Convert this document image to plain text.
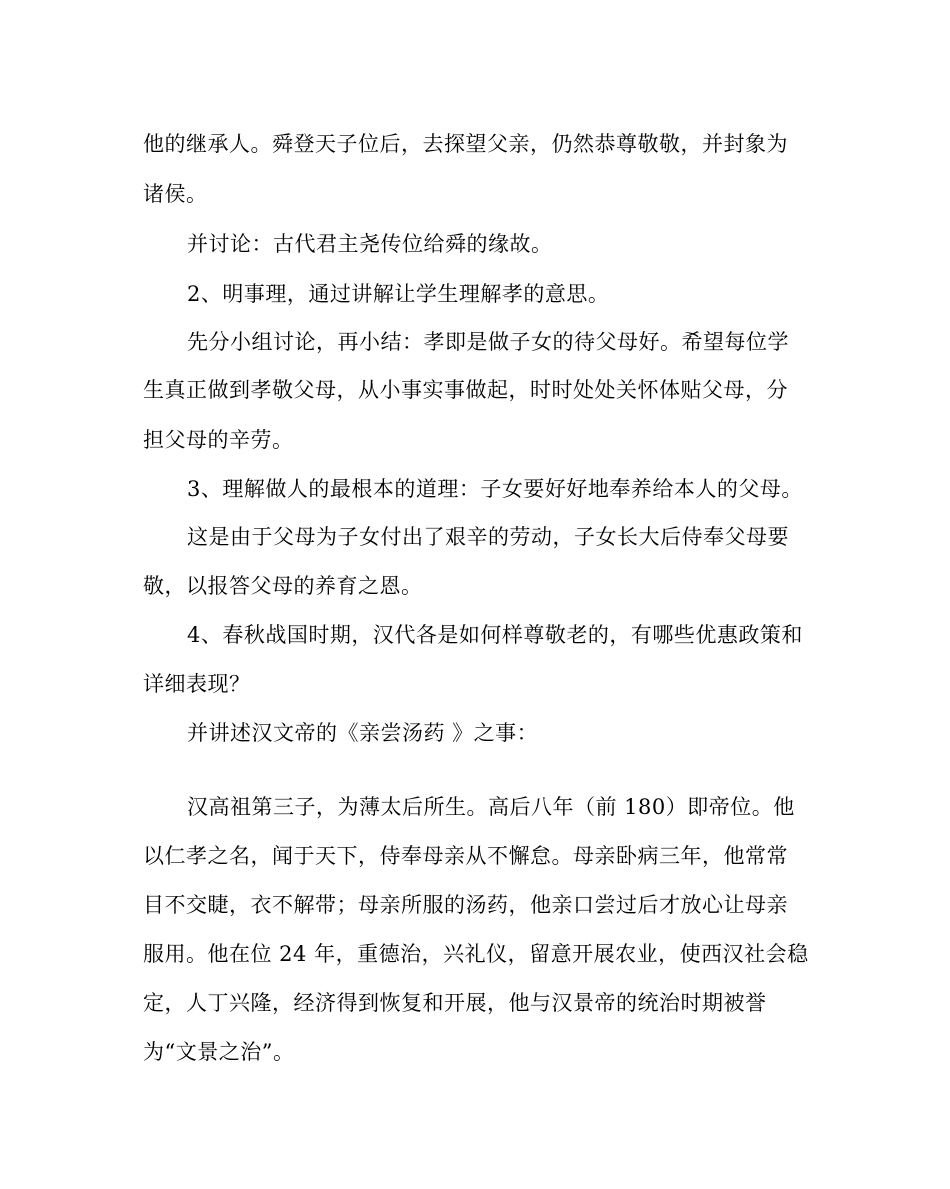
他的继承人。舜登天子位后，去探望父亲，仍然恭尊敬敬，并封象为

诸侯。

并讨论：古代君主尧传位给舜的缘故。

2、明事理，通过讲解让学生理解孝的意思。

先分小组讨论，再小结：孝即是做子女的待父母好。希望每位学

生真正做到孝敬父母，从小事实事做起，时时处处关怀体贴父母，分

担父母的辛劳。

3、理解做人的最根本的道理：子女要好好地奉养给本人的父母。

这是由于父母为子女付出了艰辛的劳动，子女长大后侍奉父母要

敬，以报答父母的养育之恩。

4、春秋战国时期，汉代各是如何样尊敬老的，有哪些优惠政策和

详细表现？

并讲述汉文帝的《亲尝汤药 》之事：

汉高祖第三子，为薄太后所生。高后八年（前 180）即帝位。他

以仁孝之名，闻于天下，侍奉母亲从不懈怠。母亲卧病三年，他常常

目不交睫，衣不解带；母亲所服的汤药，他亲口尝过后才放心让母亲

服用。他在位 24 年，重德治，兴礼仪，留意开展农业，使西汉社会稳

定，人丁兴隆，经济得到恢复和开展，他与汉景帝的统治时期被誉

为“文景之治”。
